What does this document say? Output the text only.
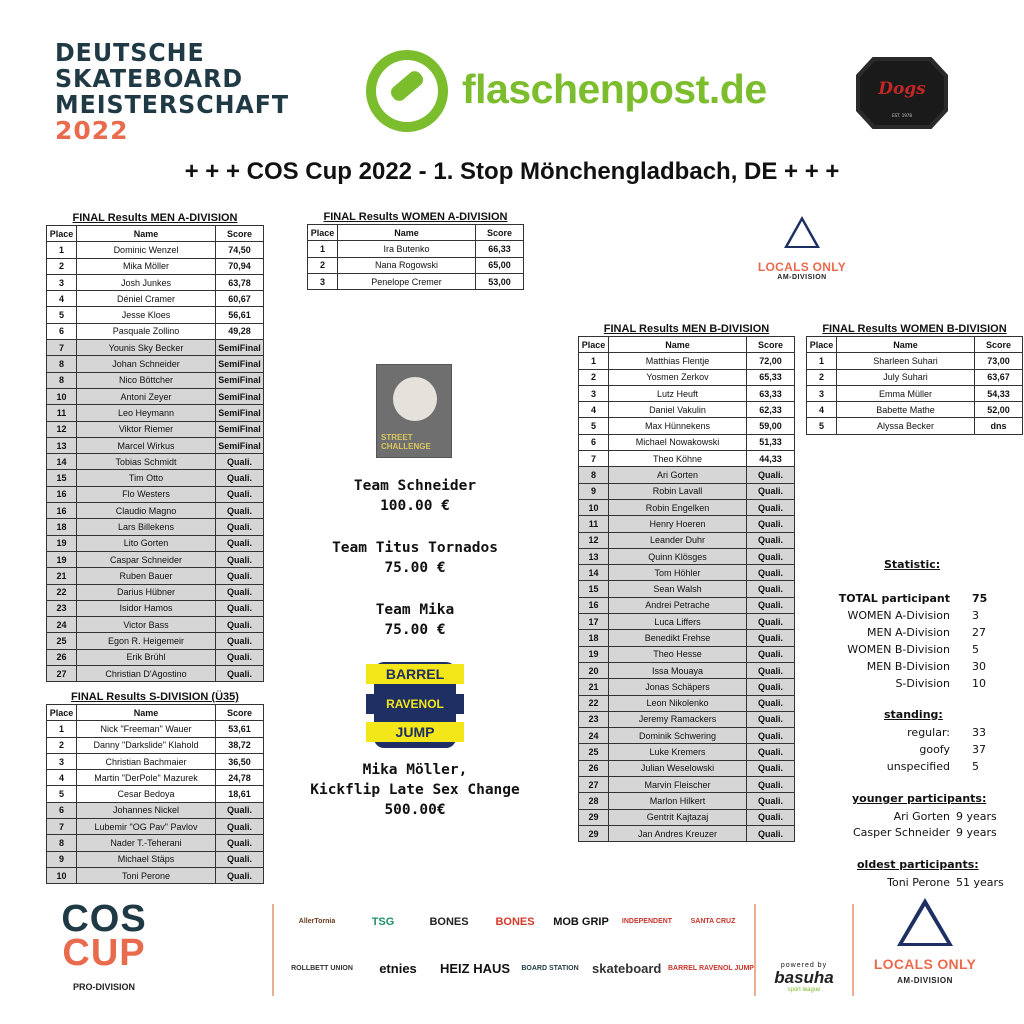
DEUTSCHE
SKATEBOARD
MEISTERSCHAFT
2022
flaschenpost.de	Dogs
EST. 1978
+ + + COS Cup 2022 - 1. Stop Mönchengladbach, DE + + +
FINAL Results MEN A-DIVISION
Place	Name	Score
1	Dominic Wenzel	74,50
2	Mika Möller	70,94
3	Josh Junkes	63,78
4	Déniel Cramer	60,67
5	Jesse Kloes	56,61
6	Pasquale Zollino	49,28
7	Younis Sky Becker	SemiFinal
8	Johan Schneider	SemiFinal
8	Nico Böttcher	SemiFinal
10	Antoni Zeyer	SemiFinal
11	Leo Heymann	SemiFinal
12	Viktor Riemer	SemiFinal
13	Marcel Wirkus	SemiFinal
14	Tobias Schmidt	Quali.
15	Tim Otto	Quali.
16	Flo Westers	Quali.
16	Claudio Magno	Quali.
18	Lars Billekens	Quali.
19	Lito Gorten	Quali.
19	Caspar Schneider	Quali.
21	Ruben Bauer	Quali.
22	Darius Hübner	Quali.
23	Isidor Hamos	Quali.
24	Victor Bass	Quali.
25	Egon R. Heigemeir	Quali.
26	Erik Brühl	Quali.
27	Christian D'Agostino	Quali.
FINAL Results WOMEN A-DIVISION
Place	Name	Score
1	Ira Butenko	66,33
2	Nana Rogowski	65,00
3	Penelope Cremer	53,00
FINAL Results S-DIVISION (Ü35)
Place	Name	Score
1	Nick "Freeman" Wauer	53,61
2	Danny "Darkslide" Klahold	38,72
3	Christian Bachmaier	36,50
4	Martin "DerPole" Mazurek	24,78
5	Cesar Bedoya	18,61
6	Johannes Nickel	Quali.
7	Lubemir "OG Pav" Pavlov	Quali.
8	Nader T.-Teherani	Quali.
9	Michael Stäps	Quali.
10	Toni Perone	Quali.
FINAL Results MEN B-DIVISION
Place	Name	Score
1	Matthias Flentje	72,00
2	Yosmen Zerkov	65,33
3	Lutz Heuft	63,33
4	Daniel Vakulin	62,33
5	Max Hünnekens	59,00
6	Michael Nowakowski	51,33
7	Theo Köhne	44,33
8	Ari Gorten	Quali.
9	Robin Lavall	Quali.
10	Robin Engelken	Quali.
11	Henry Hoeren	Quali.
12	Leander Duhr	Quali.
13	Quinn Klösges	Quali.
14	Tom Höhler	Quali.
15	Sean Walsh	Quali.
16	Andrei Petrache	Quali.
17	Luca Liffers	Quali.
18	Benedikt Frehse	Quali.
19	Theo Hesse	Quali.
20	Issa Mouaya	Quali.
21	Jonas Schäpers	Quali.
22	Leon Nikolenko	Quali.
23	Jeremy Ramackers	Quali.
24	Dominik Schwering	Quali.
25	Luke Kremers	Quali.
26	Julian Weselowski	Quali.
27	Marvin Fleischer	Quali.
28	Marlon Hilkert	Quali.
29	Gentrit Kajtazaj	Quali.
29	Jan Andres Kreuzer	Quali.
FINAL Results WOMEN B-DIVISION
Place	Name	Score
1	Sharleen Suhari	73,00
2	July Suhari	63,67
3	Emma Müller	54,33
4	Babette Mathe	52,00
5	Alyssa Becker	dns
LOCALS ONLY
AM-DIVISION
STREET CHALLENGE
Team Schneider
100.00 €
Team Titus Tornados
75.00 €
Team Mika
75.00 €
BARREL
RAVENOL
JUMP
Mika Möller,
Kickflip Late Sex Change
500.00€
Statistic:
TOTAL participant 75
WOMEN A-Division 3
MEN A-Division 27
WOMEN B-Division 5
MEN B-Division 30
S-Division 10
standing:
regular: 33
goofy 37
unspecified 5
younger participants:
Ari Gorten 9 years
Casper Schneider 9 years
oldest participants:
Toni Perone 51 years
COS
CUP
PRO-DIVISION
AllerTornia	TSG	BONES	BONES	MOB GRIP	INDEPENDENT	SANTA CRUZ
ROLLBETT UNION	etnies	HEIZ HAUS	BOARD STATION	skateboard BARREL RAVENOL JUMP	powered by
basuha
sport league
LOCALS ONLY
AM-DIVISION
